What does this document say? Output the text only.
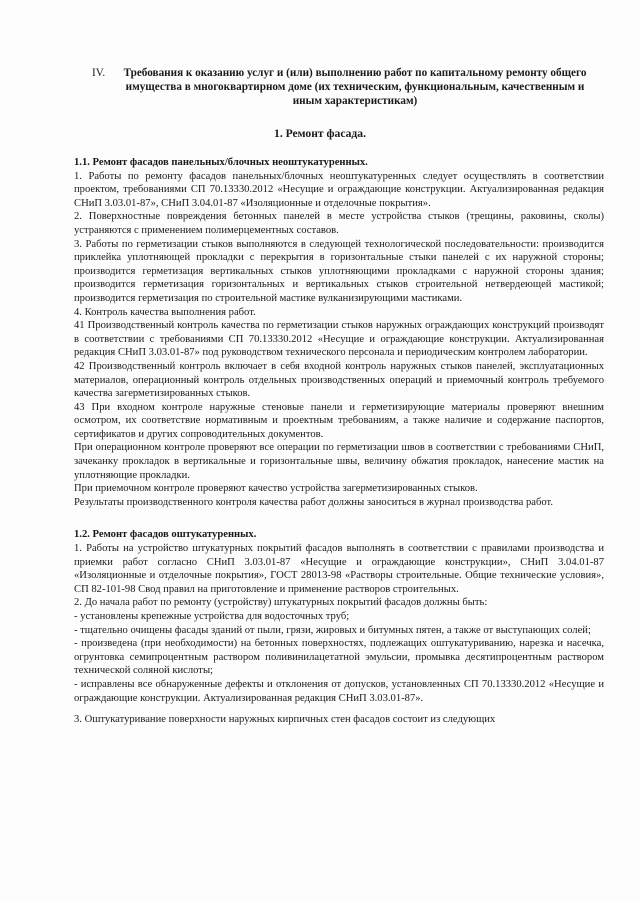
IV.	Требования к оказанию услуг и (или) выполнению работ по капитальному ремонту общего имущества в многоквартирном доме (их техническим, функциональным, качественным и иным характеристикам)
1. Ремонт фасада.

1.1. Ремонт фасадов панельных/блочных неоштукатуренных.

1. Работы по ремонту фасадов панельных/блочных неоштукатуренных следует осуществлять в соответствии проектом, требованиями СП 70.13330.2012 «Несущие и ограждающие конструкции. Актуализированная редакция СНиП 3.03.01-87», СНиП 3.04.01-87 «Изоляционные и отделочные покрытия».

2. Поверхностные повреждения бетонных панелей в месте устройства стыков (трещины, раковины, сколы) устраняются с применением полимерцементных составов.

3. Работы по герметизации стыков выполняются в следующей технологической последовательности: производится приклейка уплотняющей прокладки с перекрытия в горизонтальные стыки панелей с их наружной стороны; производится герметизация вертикальных стыков уплотняющими прокладками с наружной стороны здания; производится герметизация горизонтальных и вертикальных стыков строительной нетвердеющей мастикой; производится герметизация по строительной мастике вулканизирующими мастиками.

4. Контроль качества выполнения работ.

41 Производственный контроль качества по герметизации стыков наружных ограждающих конструкций производят в соответствии с требованиями СП 70.13330.2012 «Несущие и ограждающие конструкции. Актуализированная редакция СНиП 3.03.01-87» под руководством технического персонала и периодическим контролем лаборатории.

42 Производственный контроль включает в себя входной контроль наружных стыков панелей, эксплуатационных материалов, операционный контроль отдельных производственных операций и приемочный контроль требуемого качества загерметизированных стыков.

43 При входном контроле наружные стеновые панели и герметизирующие материалы проверяют внешним осмотром, их соответствие нормативным и проектным требованиям, а также наличие и содержание паспортов, сертификатов и других сопроводительных документов.

При операционном контроле проверяют все операции по герметизации швов в соответствии с требованиями СНиП, зачеканку прокладок в вертикальные и горизонтальные швы, величину обжатия прокладок, нанесение мастик на уплотняющие прокладки.

При приемочном контроле проверяют качество устройства загерметизированных стыков.

Результаты производственного контроля качества работ должны заноситься в журнал производства работ.

1.2. Ремонт фасадов оштукатуренных.

1. Работы на устройство штукатурных покрытий фасадов выполнять в соответствии с правилами производства и приемки работ согласно СНиП 3.03.01-87 «Несущие и ограждающие конструкции», СНиП 3.04.01-87 «Изоляционные и отделочные покрытия», ГОСТ 28013-98 «Растворы строительные. Общие технические условия», СП 82-101-98 Свод правил на приготовление и применение растворов строительных.

2. До начала работ по ремонту (устройству) штукатурных покрытий фасадов должны быть:

- установлены крепежные устройства для водосточных труб;

- тщательно очищены фасады зданий от пыли, грязи, жировых и битумных пятен, а также от выступающих солей;

- произведена (при необходимости) на бетонных поверхностях, подлежащих оштукатуриванию, нарезка и насечка, огрунтовка семипроцентным раствором поливинилацетатной эмульсии, промывка десятипроцентным раствором технической соляной кислоты;

- исправлены все обнаруженные дефекты и отклонения от допусков, установленных СП 70.13330.2012 «Несущие и ограждающие конструкции. Актуализированная редакция СНиП 3.03.01-87».

3. Оштукатуривание поверхности наружных кирпичных стен фасадов состоит из следующих
